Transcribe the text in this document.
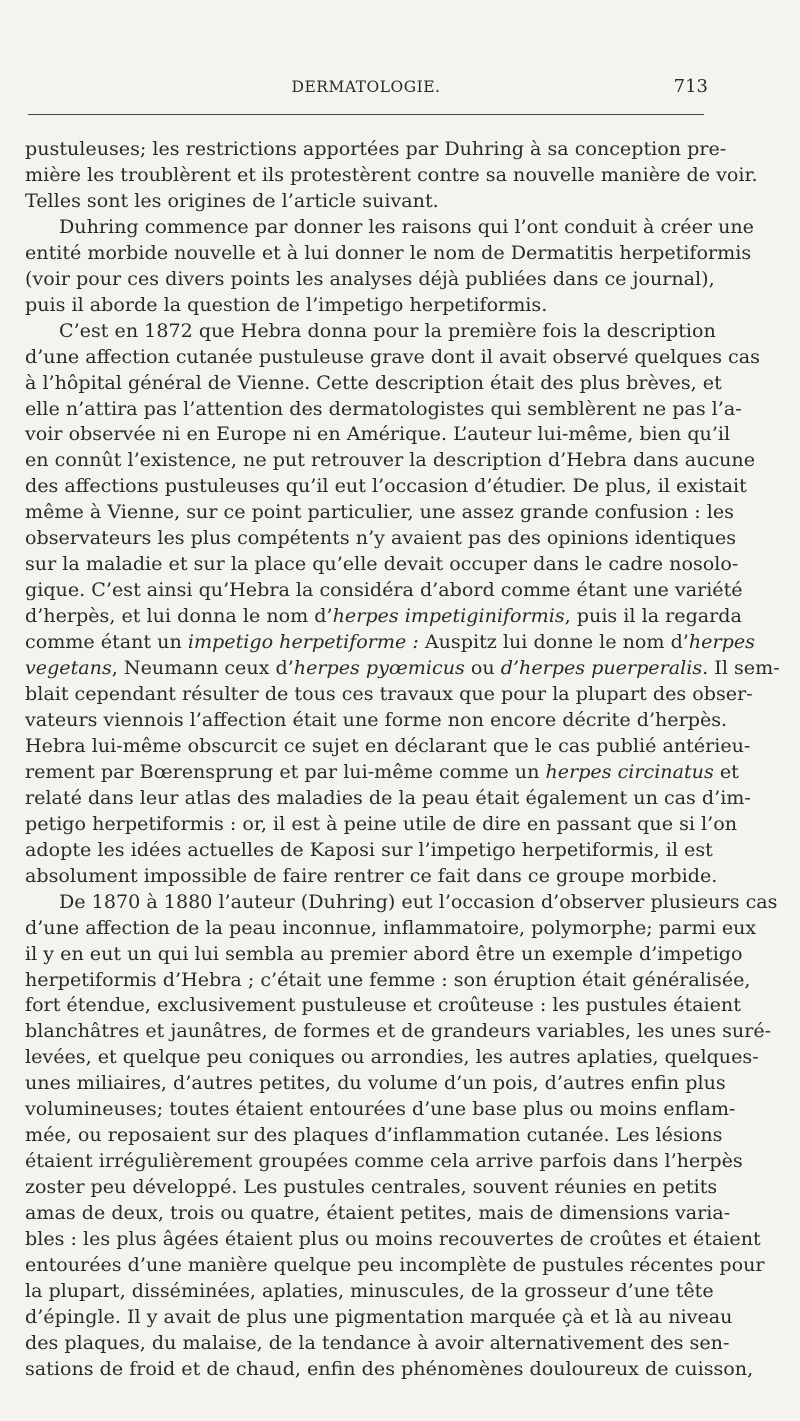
DERMATOLOGIE.	713
pustuleuses; les restrictions apportées par Duhring à sa conception pre-
mière les troublèrent et ils protestèrent contre sa nouvelle manière de voir.
Telles sont les origines de l’article suivant.
Duhring commence par donner les raisons qui l’ont conduit à créer une
entité morbide nouvelle et à lui donner le nom de Dermatitis herpetiformis
(voir pour ces divers points les analyses déjà publiées dans ce journal),
puis il aborde la question de l’impetigo herpetiformis.
C’est en 1872 que Hebra donna pour la première fois la description
d’une affection cutanée pustuleuse grave dont il avait observé quelques cas
à l’hôpital général de Vienne. Cette description était des plus brèves, et
elle n’attira pas l’attention des dermatologistes qui semblèrent ne pas l’a-
voir observée ni en Europe ni en Amérique. L’auteur lui-même, bien qu’il
en connût l’existence, ne put retrouver la description d’Hebra dans aucune
des affections pustuleuses qu’il eut l’occasion d’étudier. De plus, il existait
même à Vienne, sur ce point particulier, une assez grande confusion : les
observateurs les plus compétents n’y avaient pas des opinions identiques
sur la maladie et sur la place qu’elle devait occuper dans le cadre nosolo-
gique. C’est ainsi qu’Hebra la considéra d’abord comme étant une variété
d’herpès, et lui donna le nom d’herpes impetiginiformis, puis il la regarda
comme étant un impetigo herpetiforme : Auspitz lui donne le nom d’herpes
vegetans, Neumann ceux d’herpes pyœmicus ou d’herpes puerperalis. Il sem-
blait cependant résulter de tous ces travaux que pour la plupart des obser-
vateurs viennois l’affection était une forme non encore décrite d’herpès.
Hebra lui-même obscurcit ce sujet en déclarant que le cas publié antérieu-
rement par Bœrensprung et par lui-même comme un herpes circinatus et
relaté dans leur atlas des maladies de la peau était également un cas d’im-
petigo herpetiformis : or, il est à peine utile de dire en passant que si l’on
adopte les idées actuelles de Kaposi sur l’impetigo herpetiformis, il est
absolument impossible de faire rentrer ce fait dans ce groupe morbide.
De 1870 à 1880 l’auteur (Duhring) eut l’occasion d’observer plusieurs cas
d’une affection de la peau inconnue, inflammatoire, polymorphe; parmi eux
il y en eut un qui lui sembla au premier abord être un exemple d’impetigo
herpetiformis d’Hebra ; c’était une femme : son éruption était généralisée,
fort étendue, exclusivement pustuleuse et croûteuse : les pustules étaient
blanchâtres et jaunâtres, de formes et de grandeurs variables, les unes suré-
levées, et quelque peu coniques ou arrondies, les autres aplaties, quelques-
unes miliaires, d’autres petites, du volume d’un pois, d’autres enfin plus
volumineuses; toutes étaient entourées d’une base plus ou moins enflam-
mée, ou reposaient sur des plaques d’inflammation cutanée. Les lésions
étaient irrégulièrement groupées comme cela arrive parfois dans l’herpès
zoster peu développé. Les pustules centrales, souvent réunies en petits
amas de deux, trois ou quatre, étaient petites, mais de dimensions varia-
bles : les plus âgées étaient plus ou moins recouvertes de croûtes et étaient
entourées d’une manière quelque peu incomplète de pustules récentes pour
la plupart, disséminées, aplaties, minuscules, de la grosseur d’une tête
d’épingle. Il y avait de plus une pigmentation marquée çà et là au niveau
des plaques, du malaise, de la tendance à avoir alternativement des sen-
sations de froid et de chaud, enfin des phénomènes douloureux de cuisson,
